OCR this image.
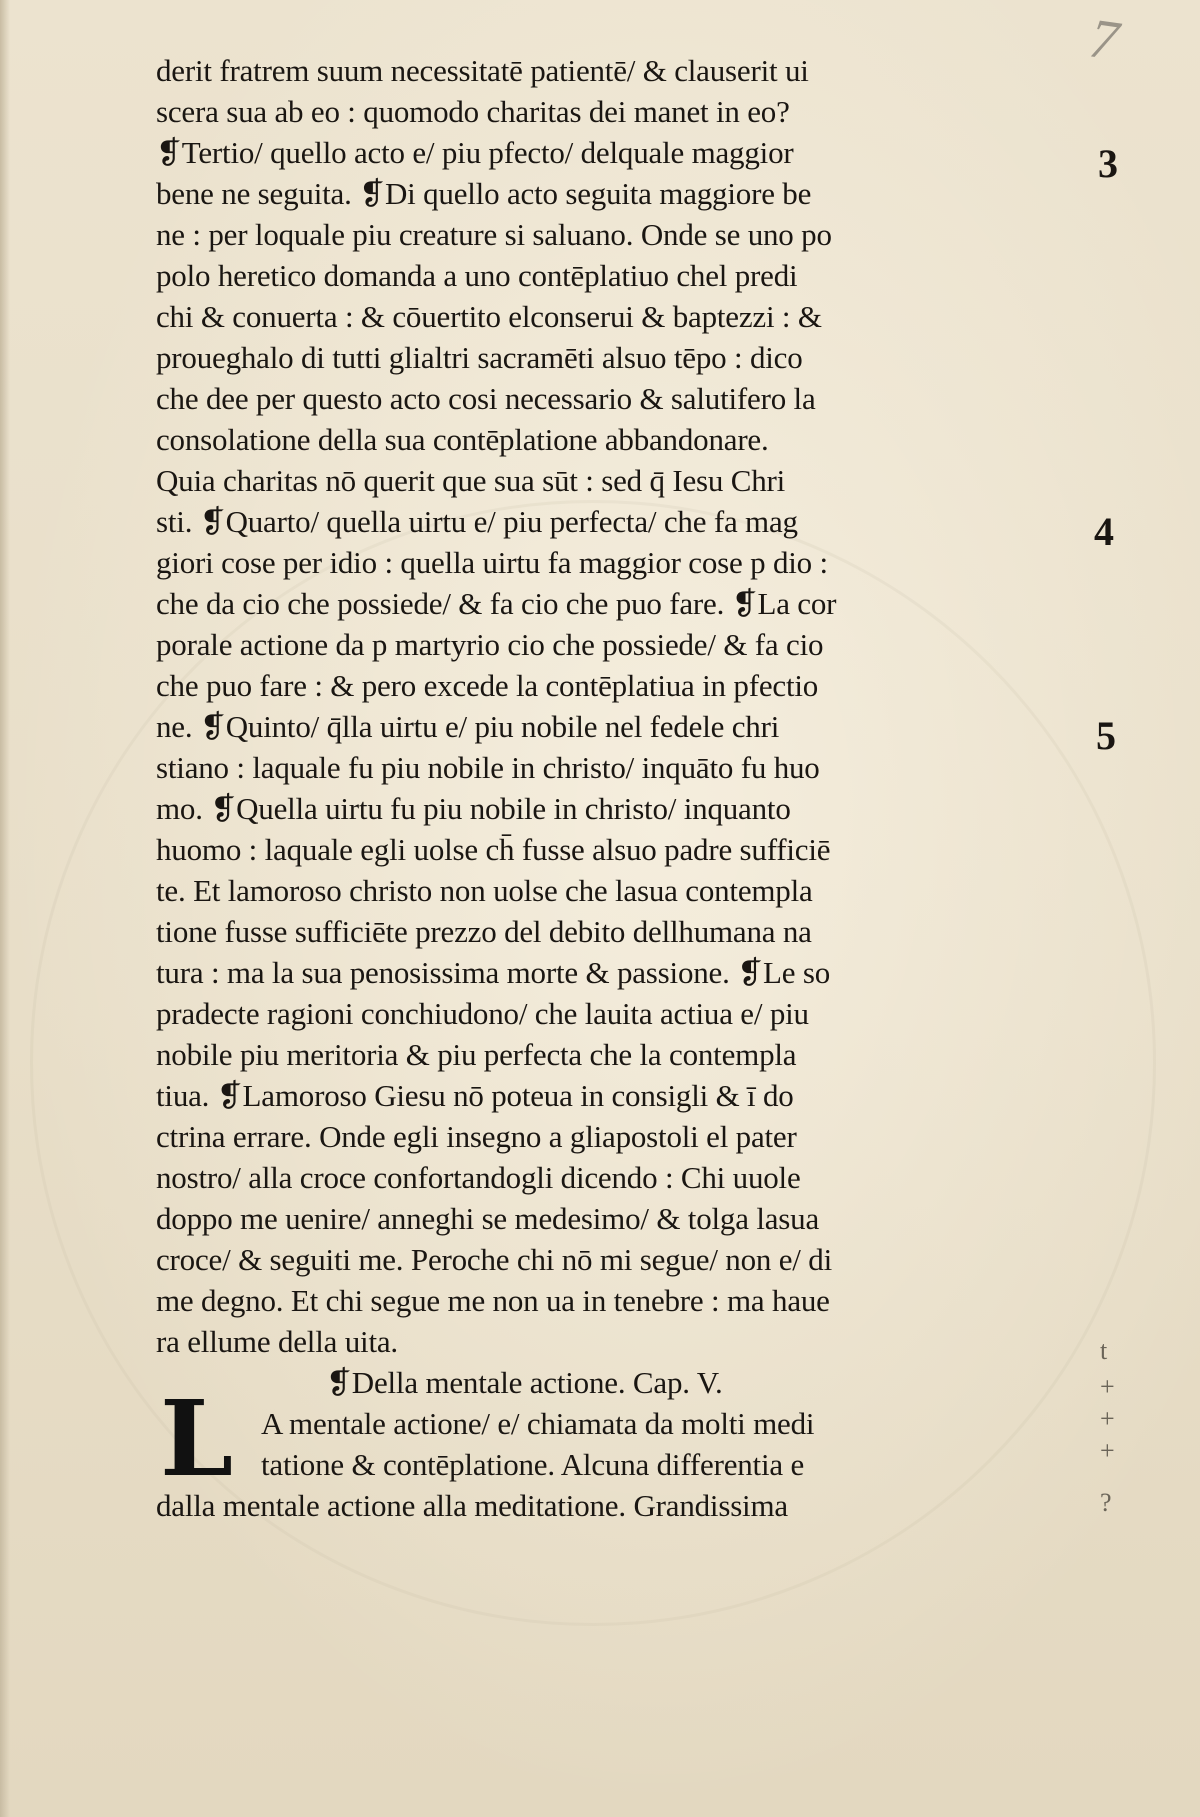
7
derit fratrem suum necessitatē patientē/ & clauserit ui
scera sua ab eo : quomodo charitas dei manet in eo?
❡Tertio/ quello acto e/ piu pfecto/ delquale maggior
bene ne seguita. ❡Di quello acto seguita maggiore be
ne : per loquale piu creature si saluano. Onde se uno po
polo heretico domanda a uno contēplatiuo chel predi
chi & conuerta : & cōuertito elconserui & baptezzi : &
proueghalo di tutti glialtri sacramēti alsuo tēpo : dico
che dee per questo acto cosi necessario & salutifero la
consolatione della sua contēplatione abbandonare.
Quia charitas nō querit que sua sūt : sed q̄ Iesu Chri
sti. ❡Quarto/ quella uirtu e/ piu perfecta/ che fa mag
giori cose per idio : quella uirtu fa maggior cose p dio :
che da cio che possiede/ & fa cio che puo fare. ❡La cor
porale actione da p martyrio cio che possiede/ & fa cio
che puo fare : & pero excede la contēplatiua in pfectio
ne. ❡Quinto/ q̄lla uirtu e/ piu nobile nel fedele chri
stiano : laquale fu piu nobile in christo/ inquāto fu huo
mo. ❡Quella uirtu fu piu nobile in christo/ inquanto
huomo : laquale egli uolse ch̄ fusse alsuo padre sufficiē
te. Et lamoroso christo non uolse che lasua contempla
tione fusse sufficiēte prezzo del debito dellhumana na
tura : ma la sua penosissima morte & passione. ❡Le so
pradecte ragioni conchiudono/ che lauita actiua e/ piu
nobile piu meritoria & piu perfecta che la contempla
tiua. ❡Lamoroso Giesu nō poteua in consigli & ī do
ctrina errare. Onde egli insegno a gliapostoli el pater
nostro/ alla croce confortandogli dicendo : Chi uuole
doppo me uenire/ anneghi se medesimo/ & tolga lasua
croce/ & seguiti me. Peroche chi nō mi segue/ non e/ di
me degno. Et chi segue me non ua in tenebre : ma haue
ra ellume della uita.
❡Della mentale actione. Cap. V.
A mentale actione/ e/ chiamata da molti medi
tatione & contēplatione. Alcuna differentia e
dalla mentale actione alla meditatione. Grandissima
L
3
4
5
t
+
+
+
?
